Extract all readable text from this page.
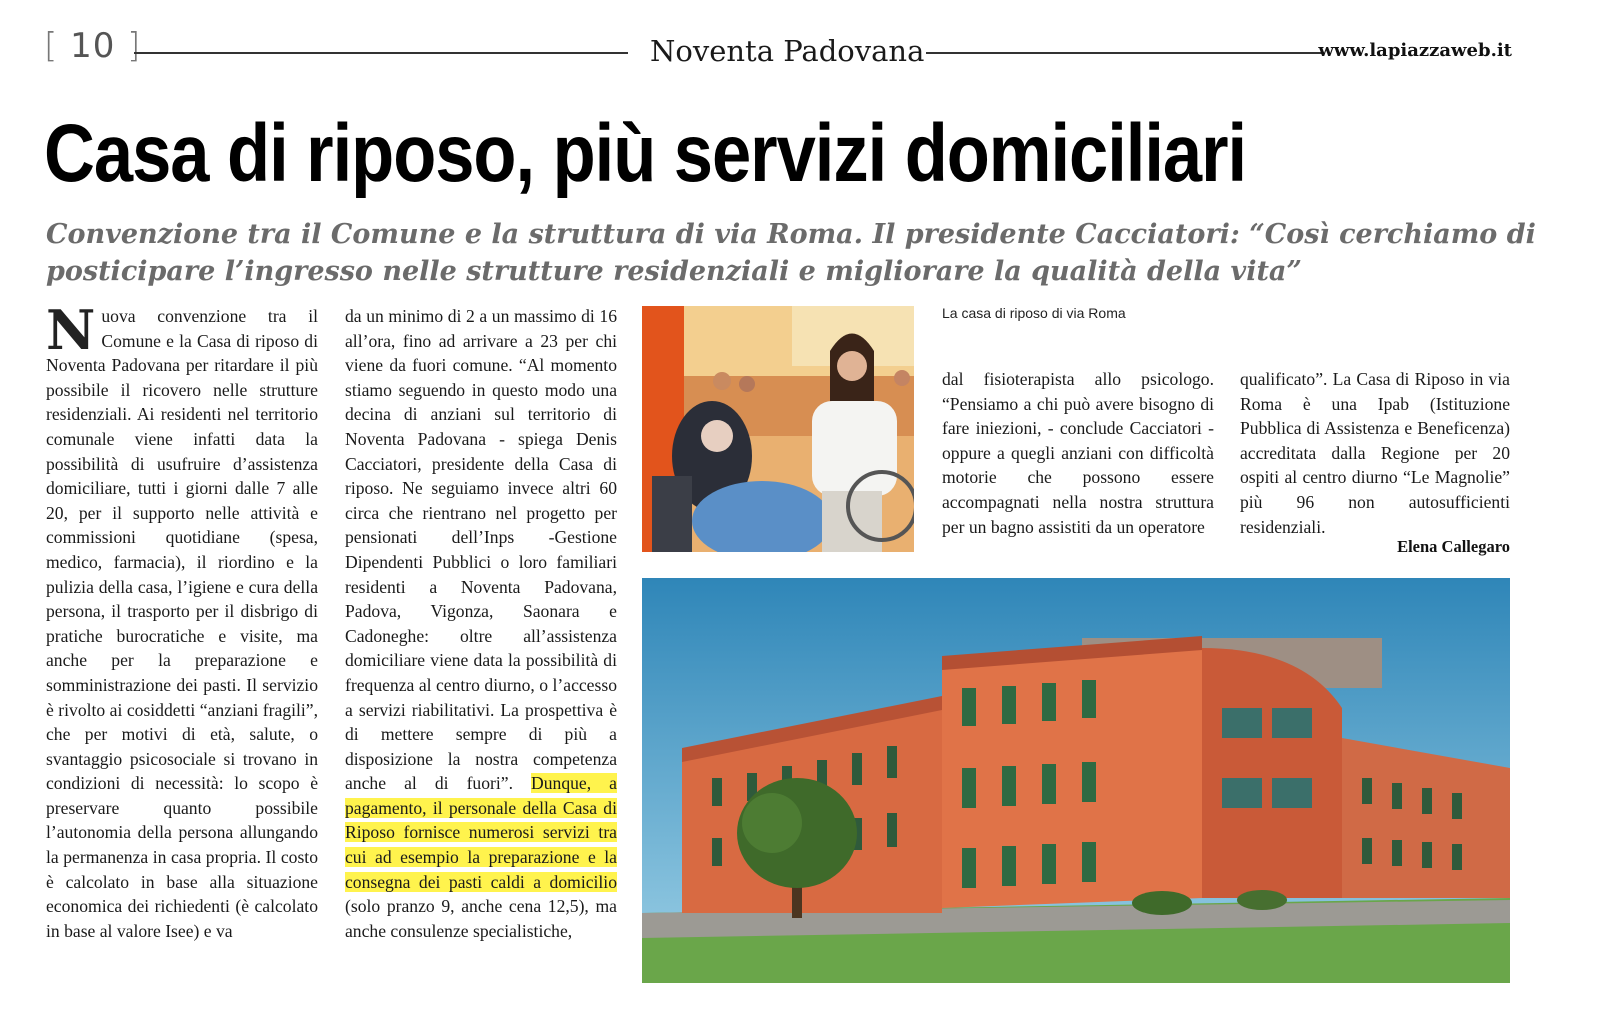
[ 10 ]	Noventa Padovana	www.lapiazzaweb.it
Casa di riposo, più servizi domiciliari
Convenzione tra il Comune e la struttura di via Roma. Il presidente Cacciatori: “Così cerchiamo di posticipare l’ingresso nelle strutture residenziali e migliorare la qualità della vita”
Nuova convenzione tra il Comune e la Casa di riposo di Noventa Padovana per ritardare il più possibile il ricovero nelle strutture residenziali. Ai residenti nel territorio comunale viene infatti data la possibilità di usufruire d’assistenza domiciliare, tutti i giorni dalle 7 alle 20, per il supporto nelle attività e commissioni quotidiane (spesa, medico, farmacia), il riordino e la pulizia della casa, l’igiene e cura della persona, il trasporto per il disbrigo di pratiche burocratiche e visite, ma anche per la preparazione e somministrazione dei pasti. Il servizio è rivolto ai cosiddetti “anziani fragili”, che per motivi di età, salute, o svantaggio psicosociale si trovano in condizioni di necessità: lo scopo è preservare quanto possibile l’autonomia della persona allungando la permanenza in casa propria. Il costo è calcolato in base alla situazione economica dei richiedenti (è calcolato in base al valore Isee) e va
da un minimo di 2 a un massimo di 16 all’ora, fino ad arrivare a 23 per chi viene da fuori comune. “Al momento stiamo seguendo in questo modo una decina di anziani sul territorio di Noventa Padovana - spiega Denis Cacciatori, presidente della Casa di riposo. Ne seguiamo invece altri 60 circa che rientrano nel progetto per pensionati dell’Inps -Gestione Dipendenti Pubblici o loro familiari residenti a Noventa Padovana, Padova, Vigonza, Saonara e Cadoneghe: oltre all’assistenza domiciliare viene data la possibilità di frequenza al centro diurno, o l’accesso a servizi riabilitativi. La prospettiva è di mettere sempre di più a disposizione la nostra competenza anche al di fuori”. Dunque, a pagamento, il personale della Casa di Riposo fornisce numerosi servizi tra cui ad esempio la preparazione e la consegna dei pasti caldi a domicilio (solo pranzo 9, anche cena 12,5), ma anche consulenze specialistiche,
La casa di riposo di via Roma
dal fisioterapista allo psicologo. “Pensiamo a chi può avere bisogno di fare iniezioni, - conclude Cacciatori - oppure a quegli anziani con difficoltà motorie che possono essere accompagnati nella nostra struttura per un bagno assistiti da un operatore
qualificato”. La Casa di Riposo in via Roma è una Ipab (Istituzione Pubblica di Assistenza e Beneficenza) accreditata dalla Regione per 20 ospiti al centro diurno “Le Magnolie” più 96 non autosufficienti residenziali.
Elena Callegaro
